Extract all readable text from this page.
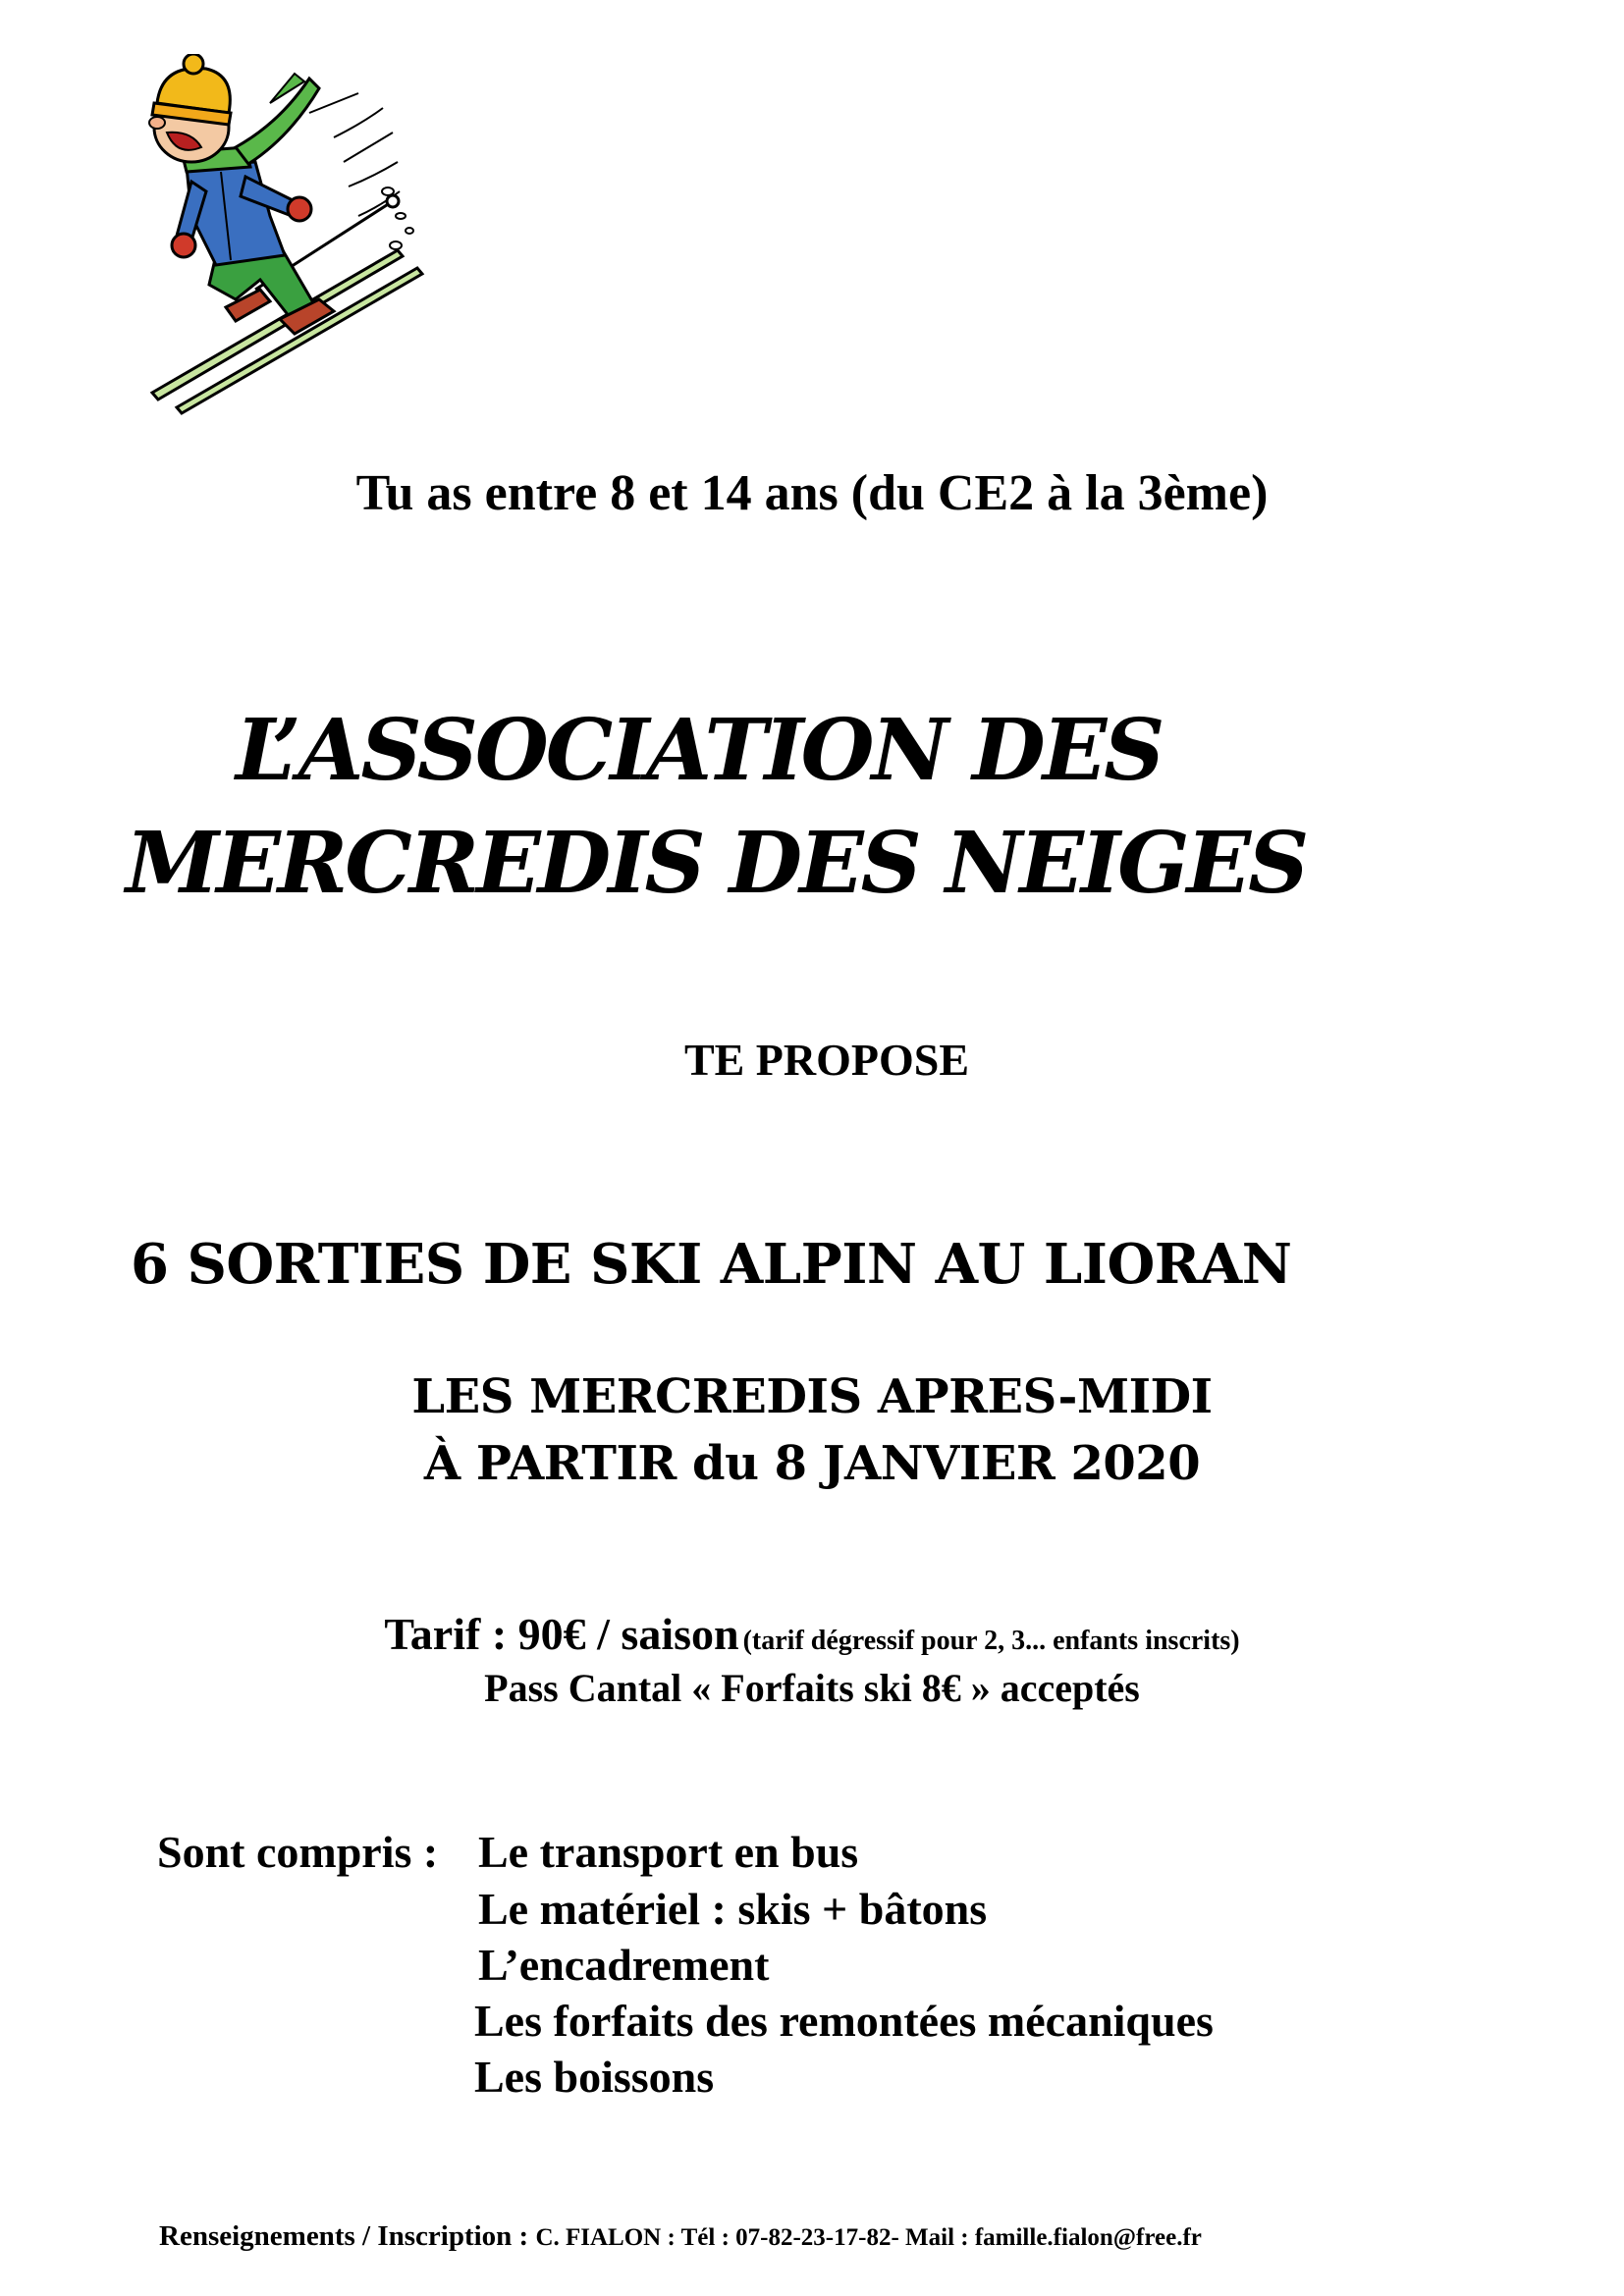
Tu as entre 8 et 14 ans (du CE2 à la 3ème)
L’ASSOCIATION DES
MERCREDIS DES NEIGES
TE PROPOSE
6 SORTIES DE SKI ALPIN AU LIORAN
LES MERCREDIS APRES-MIDI
À PARTIR du 8 JANVIER 2020
Tarif : 90€ / saison (tarif dégressif pour 2, 3... enfants inscrits)
Pass Cantal « Forfaits ski 8€ » acceptés
Sont compris : Le transport en bus
Le matériel : skis + bâtons
L’encadrement
Les forfaits des remontées mécaniques
Les boissons
Renseignements / Inscription : C. FIALON : Tél : 07-82-23-17-82- Mail : famille.fialon@free.fr
